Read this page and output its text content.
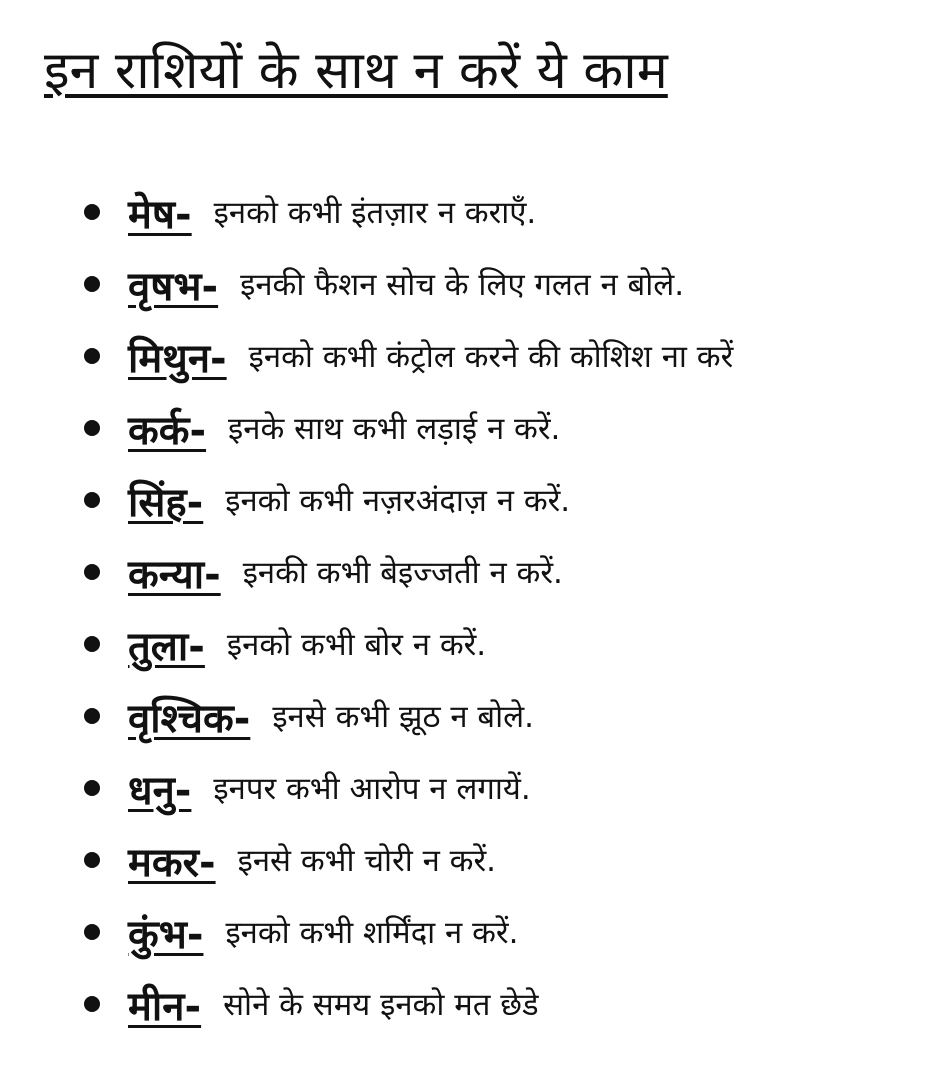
इन राशियों के साथ न करें ये काम
मेष- इनको कभी इंतज़ार न कराएँ.
वृषभ- इनकी फैशन सोच के लिए गलत न बोले.
मिथुन- इनको कभी कंट्रोल करने की कोशिश ना करें
कर्क- इनके साथ कभी लड़ाई न करें.
सिंह- इनको कभी नज़रअंदाज़ न करें.
कन्या- इनकी कभी बेइज्जती न करें.
तुला- इनको कभी बोर न करें.
वृश्चिक- इनसे कभी झूठ न बोले.
धनु- इनपर कभी आरोप न लगायें.
मकर- इनसे कभी चोरी न करें.
कुंभ- इनको कभी शर्मिंदा न करें.
मीन- सोने के समय इनको मत छेडे
